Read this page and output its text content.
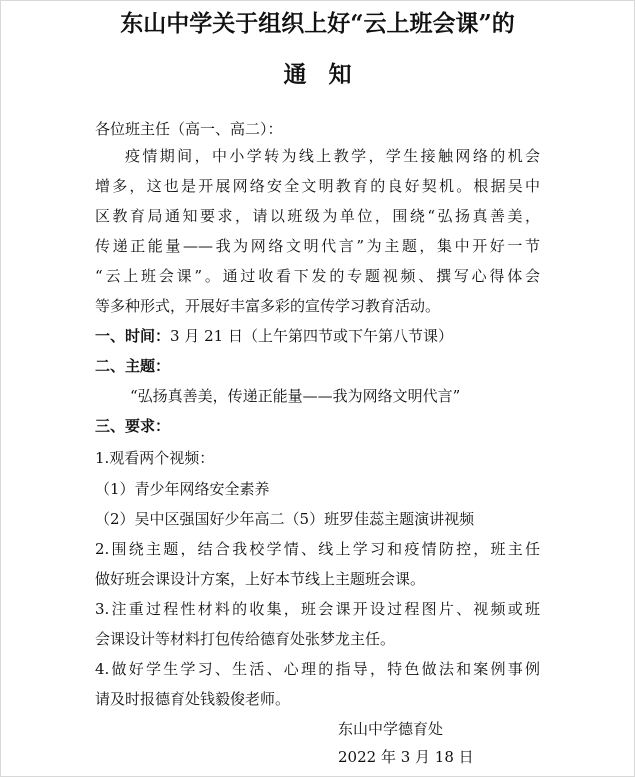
东山中学关于组织上好“云上班会课”的
通知
各位班主任（高一、高二）：
疫情期间，中小学转为线上教学，学生接触网络的机会
增多，这也是开展网络安全文明教育的良好契机。根据吴中
区教育局通知要求，请以班级为单位，围绕“弘扬真善美，
传递正能量——我为网络文明代言”为主题，集中开好一节
“云上班会课”。通过收看下发的专题视频、撰写心得体会
等多种形式，开展好丰富多彩的宣传学习教育活动。
一、时间：3 月 21 日（上午第四节或下午第八节课）
二、主题：
“弘扬真善美，传递正能量——我为网络文明代言”
三、要求：
1.观看两个视频：
（1）青少年网络安全素养
（2）吴中区强国好少年高二（5）班罗佳蕊主题演讲视频
2.围绕主题，结合我校学情、线上学习和疫情防控，班主任
做好班会课设计方案，上好本节线上主题班会课。
3.注重过程性材料的收集，班会课开设过程图片、视频或班
会课设计等材料打包传给德育处张梦龙主任。
4.做好学生学习、生活、心理的指导，特色做法和案例事例
请及时报德育处钱毅俊老师。
东山中学德育处
2022 年 3 月 18 日
